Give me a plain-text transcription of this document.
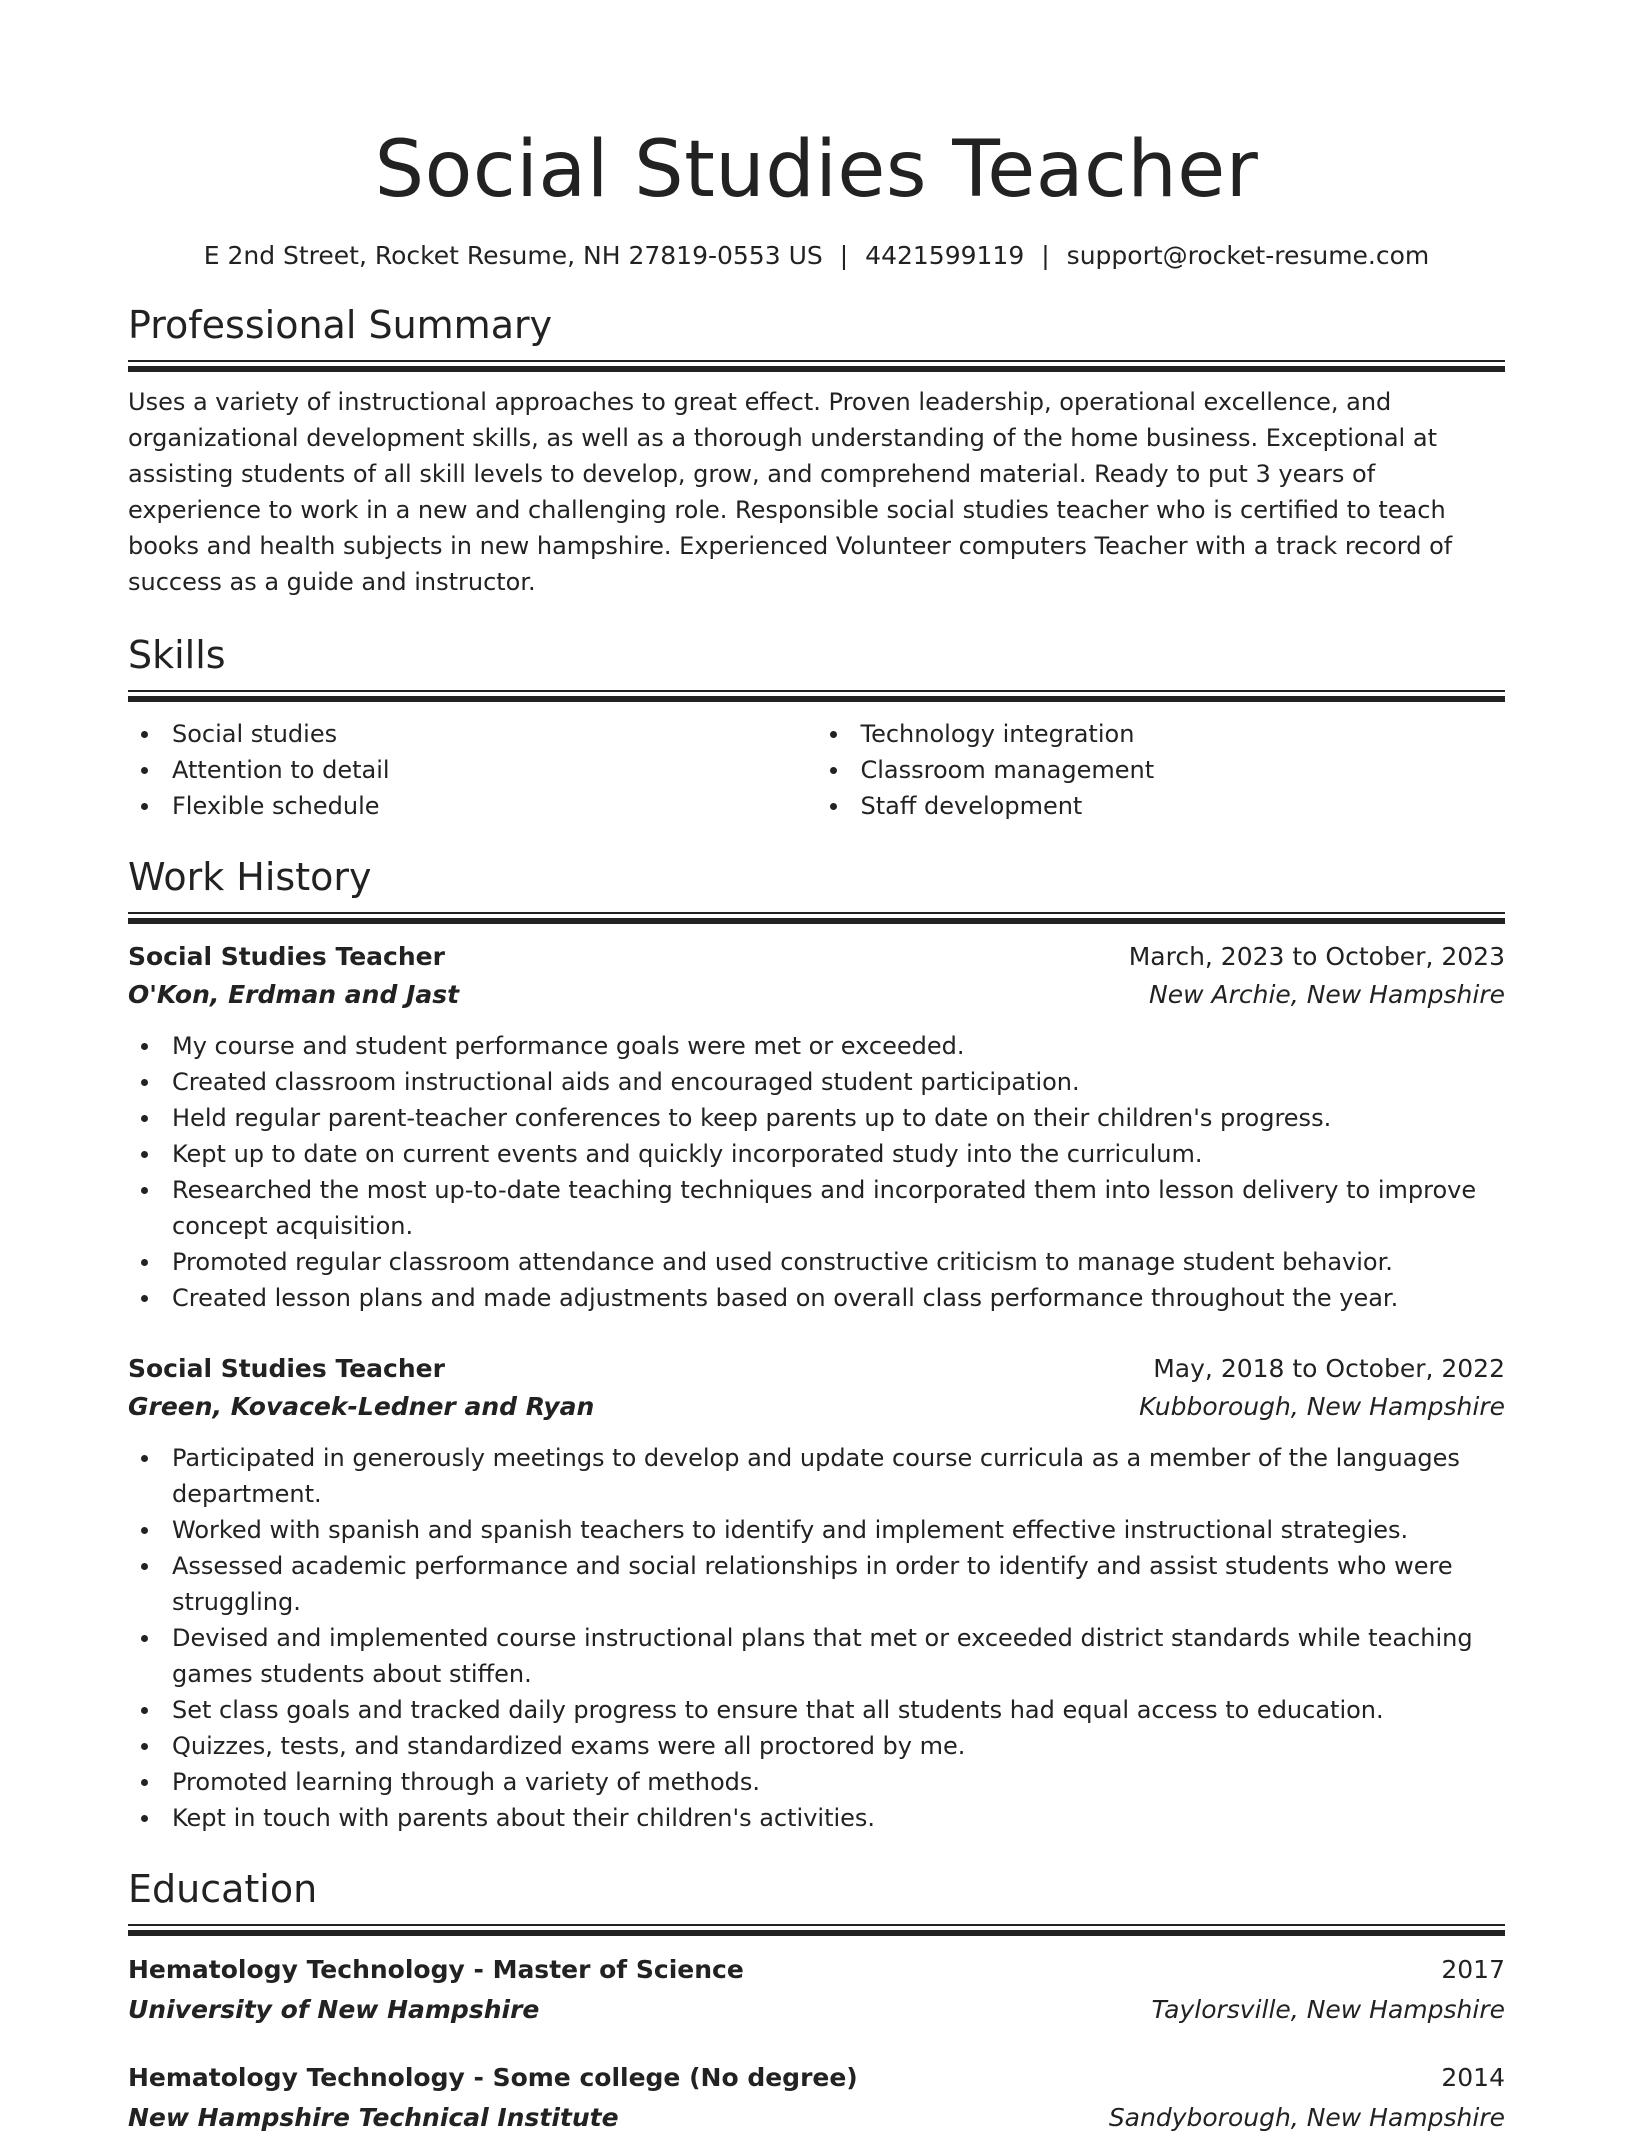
Social Studies Teacher
E 2nd Street, Rocket Resume, NH 27819-0553 US | 4421599119 | support@rocket-resume.com
Professional Summary

Uses a variety of instructional approaches to great effect. Proven leadership, operational excellence, and organizational development skills, as well as a thorough understanding of the home business. Exceptional at assisting students of all skill levels to develop, grow, and comprehend material. Ready to put 3 years of experience to work in a new and challenging role. Responsible social studies teacher who is certified to teach books and health subjects in new hampshire. Experienced Volunteer computers Teacher with a track record of success as a guide and instructor.

Skills
Social studies
Attention to detail
Flexible schedule
Technology integration
Classroom management
Staff development
Work History
Social Studies Teacher	March, 2023 to October, 2023
O'Kon, Erdman and Jast	New Archie, New Hampshire
My course and student performance goals were met or exceeded.
Created classroom instructional aids and encouraged student participation.
Held regular parent-teacher conferences to keep parents up to date on their children's progress.
Kept up to date on current events and quickly incorporated study into the curriculum.
Researched the most up-to-date teaching techniques and incorporated them into lesson delivery to improve concept acquisition.
Promoted regular classroom attendance and used constructive criticism to manage student behavior.
Created lesson plans and made adjustments based on overall class performance throughout the year.
Social Studies Teacher	May, 2018 to October, 2022
Green, Kovacek-Ledner and Ryan	Kubborough, New Hampshire
Participated in generously meetings to develop and update course curricula as a member of the languages department.
Worked with spanish and spanish teachers to identify and implement effective instructional strategies.
Assessed academic performance and social relationships in order to identify and assist students who were struggling.
Devised and implemented course instructional plans that met or exceeded district standards while teaching games students about stiffen.
Set class goals and tracked daily progress to ensure that all students had equal access to education.
Quizzes, tests, and standardized exams were all proctored by me.
Promoted learning through a variety of methods.
Kept in touch with parents about their children's activities.
Education
Hematology Technology - Master of Science	2017
University of New Hampshire	Taylorsville, New Hampshire
Hematology Technology - Some college (No degree)	2014
New Hampshire Technical Institute	Sandyborough, New Hampshire
